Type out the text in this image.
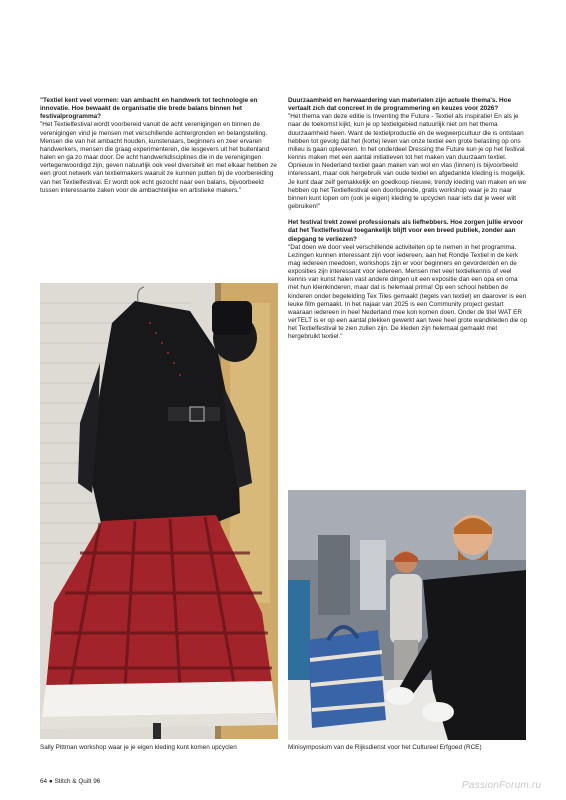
"Textiel kent veel vormen: van ambacht en handwerk tot technologie en innovatie. Hoe bewaakt de organisatie die brede balans binnen het festivalprogramma?

"Het Textielfestival wordt voorbereid vanuit de acht verenigingen en binnen de verenigingen vind je mensen met verschillende achtergronden en belangstelling. Mensen die van het ambacht houden, kunstenaars, beginners en zeer ervaren handwerkers, mensen die graag experimenteren, die lesgevers uit het buitenland halen en ga zo maar door. De acht handwerkdisciplines die in de verenigingen vertegenwoordigd zijn, geven natuurlijk ook veel diversiteit en met elkaar hebben ze een groot netwerk van textielmakers waaruit ze kunnen putten bij de voorbereiding van het Textielfestival. Er wordt ook echt gezocht naar een balans, bijvoorbeeld tussen interessante zaken voor de ambachtelijke en artistieke makers."

Duurzaamheid en herwaardering van materialen zijn actuele thema's. Hoe vertaalt zich dat concreet in de programmering en keuzes voor 2026?

"Het thema van deze editie is Inventing the Future - Textiel als inspiratie! En als je naar de toekomst kijkt, kun je op textielgebied natuurlijk niet om het thema duurzaamheid heen. Want de textielproductie en de wegwerpcultuur die is ontstaan hebben tot gevolg dat het (korte) leven van onze textiel een grote belasting op ons milieu is gaan opleveren. In het onderdeel Dressing the Future kun je op het festival kennis maken met een aantal initiatieven tot het maken van duurzaam textiel. Opnieuw in Nederland textiel gaan maken van wol en vlas (linnen) is bijvoorbeeld interessant, maar ook hergebruik van oude textiel en afgedankte kleding is mogelijk. Je kunt daar zelf gemakkelijk en goedkoop nieuwe, trendy kleding van maken en we hebben op het Textielfestival een doorlopende, gratis workshop waar je zo naar binnen kunt lopen om (ook je eigen) kleding te upcyclen naar iets dat je weer wilt gebruiken!"

Het festival trekt zowel professionals als liefhebbers. Hoe zorgen jullie ervoor dat het Textielfestival toegankelijk blijft voor een breed publiek, zonder aan diepgang te verliezen?

"Dat doen we door veel verschillende activiteiten op te nemen in het programma. Lezingen kunnen interessant zijn voor iedereen, aan het Rondje Textiel in de kerk mag iedereen meedoen, workshops zijn er voor beginners en gevorderden en de exposities zijn interessant voor iedereen. Mensen met veel textielkennis of veel kennis van kunst halen vast andere dingen uit een expositie dan een opa en oma met hun kleinkinderen, maar dat is helemaal prima! Op een school hebben de kinderen onder begeleiding Tex Tiles gemaakt (tegels van textiel) en daarover is een leuke film gemaakt. In het najaar van 2025 is een Community project gestart waaraan iedereen in heel Nederland mee kon komen doen. Onder de titel WAT ER verTELT is er op een aantal plekken gewerkt aan twee heel grote wandkleden die op het Textielfestival te zien zullen zijn. De kleden zijn helemaal gemaakt met hergebruikt textiel."

Sally Pittman workshop waar je je eigen kleding kunt komen upcyclen	Minisymposium van de Rijksdienst voor het Cultureel Erfgoed (RCE)
64 ● Stitch & Quilt 96	PassionForum.ru
